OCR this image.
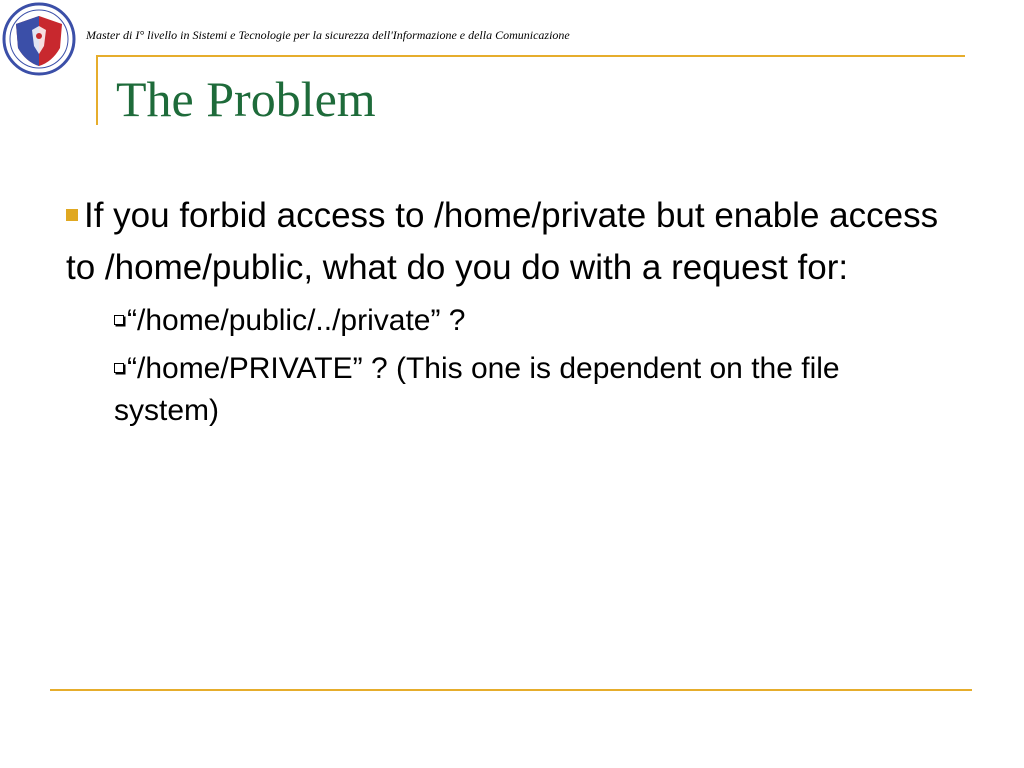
Master di I° livello in Sistemi e Tecnologie per la sicurezza dell'Informazione e della Comunicazione
The Problem

If you forbid access to /home/private but enable access to /home/public, what do you do with a request for:

“/home/public/../private” ?

“/home/PRIVATE” ? (This one is dependent on the file system)
